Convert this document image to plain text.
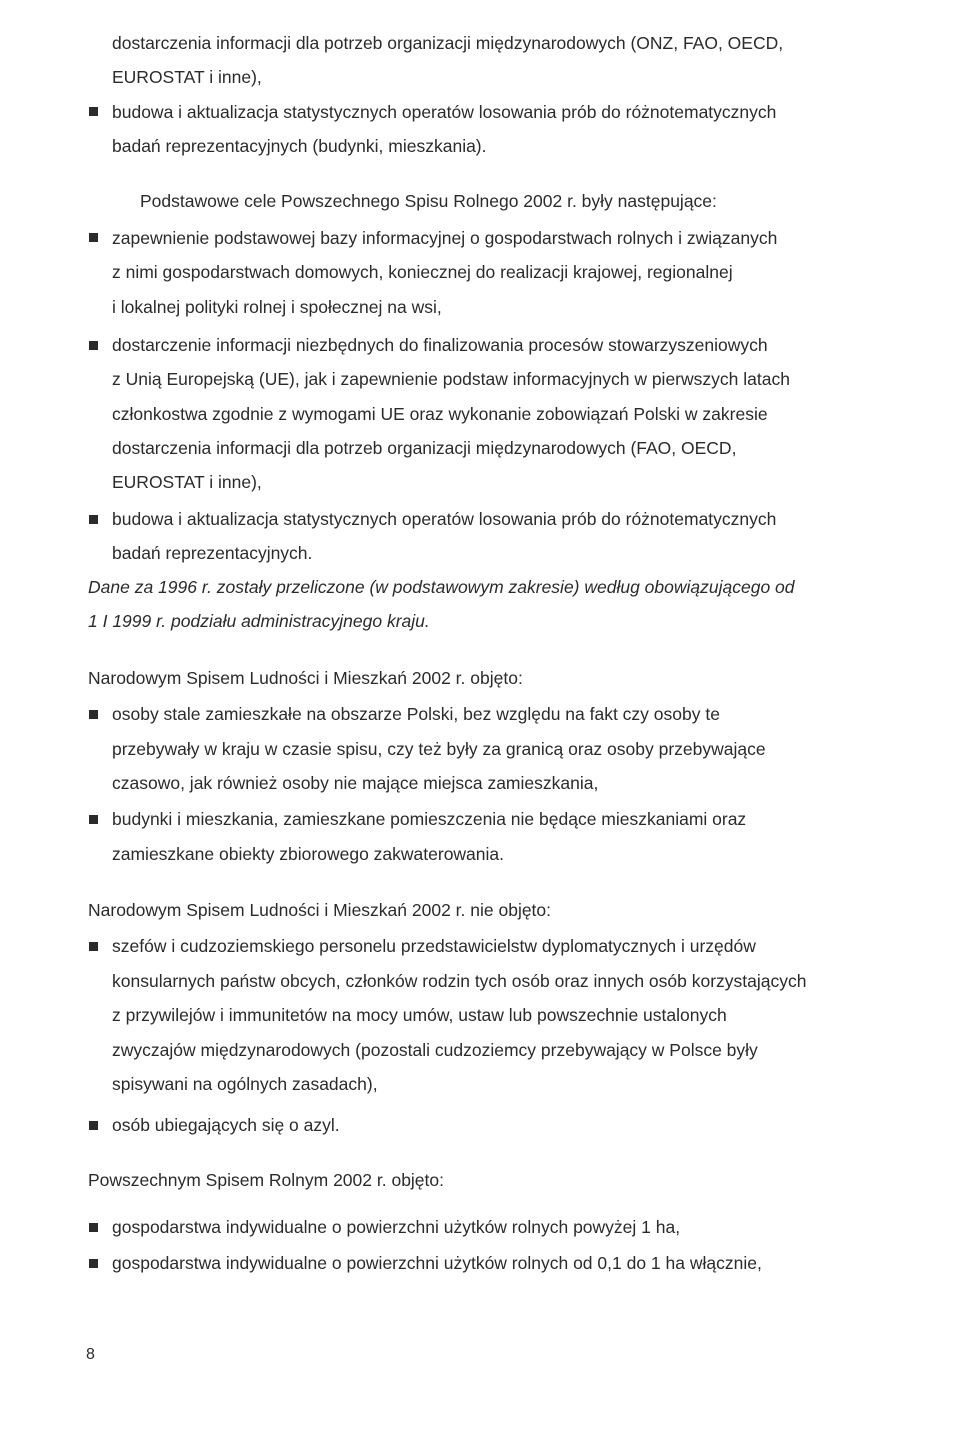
dostarczenia informacji dla potrzeb organizacji międzynarodowych (ONZ, FAO, OECD,
EUROSTAT i inne),
budowa i aktualizacja statystycznych operatów losowania prób do różnotematycznych
badań reprezentacyjnych (budynki, mieszkania).
Podstawowe cele Powszechnego Spisu Rolnego 2002 r. były następujące:
zapewnienie podstawowej bazy informacyjnej o gospodarstwach rolnych i związanych
z nimi gospodarstwach domowych, koniecznej do realizacji krajowej, regionalnej
i lokalnej polityki rolnej i społecznej na wsi,
dostarczenie informacji niezbędnych do finalizowania procesów stowarzyszeniowych
z Unią Europejską (UE), jak i zapewnienie podstaw informacyjnych w pierwszych latach
członkostwa zgodnie z wymogami UE oraz wykonanie zobowiązań Polski w zakresie
dostarczenia informacji dla potrzeb organizacji międzynarodowych (FAO, OECD,
EUROSTAT i inne),
budowa i aktualizacja statystycznych operatów losowania prób do różnotematycznych
badań reprezentacyjnych.
Dane za 1996 r. zostały przeliczone (w podstawowym zakresie) według obowiązującego od
1 I 1999 r. podziału administracyjnego kraju.
Narodowym Spisem Ludności i Mieszkań 2002 r. objęto:
osoby stale zamieszkałe na obszarze Polski, bez względu na fakt czy osoby te
przebywały w kraju w czasie spisu, czy też były za granicą oraz osoby przebywające
czasowo, jak również osoby nie mające miejsca zamieszkania,
budynki i mieszkania, zamieszkane pomieszczenia nie będące mieszkaniami oraz
zamieszkane obiekty zbiorowego zakwaterowania.
Narodowym Spisem Ludności i Mieszkań 2002 r. nie objęto:
szefów i cudzoziemskiego personelu przedstawicielstw dyplomatycznych i urzędów
konsularnych państw obcych, członków rodzin tych osób oraz innych osób korzystających
z przywilejów i immunitetów na mocy umów, ustaw lub powszechnie ustalonych
zwyczajów międzynarodowych (pozostali cudzoziemcy przebywający w Polsce były
spisywani na ogólnych zasadach),
osób ubiegających się o azyl.
Powszechnym Spisem Rolnym 2002 r. objęto:
gospodarstwa indywidualne o powierzchni użytków rolnych powyżej 1 ha,
gospodarstwa indywidualne o powierzchni użytków rolnych od 0,1 do 1 ha włącznie,
8
